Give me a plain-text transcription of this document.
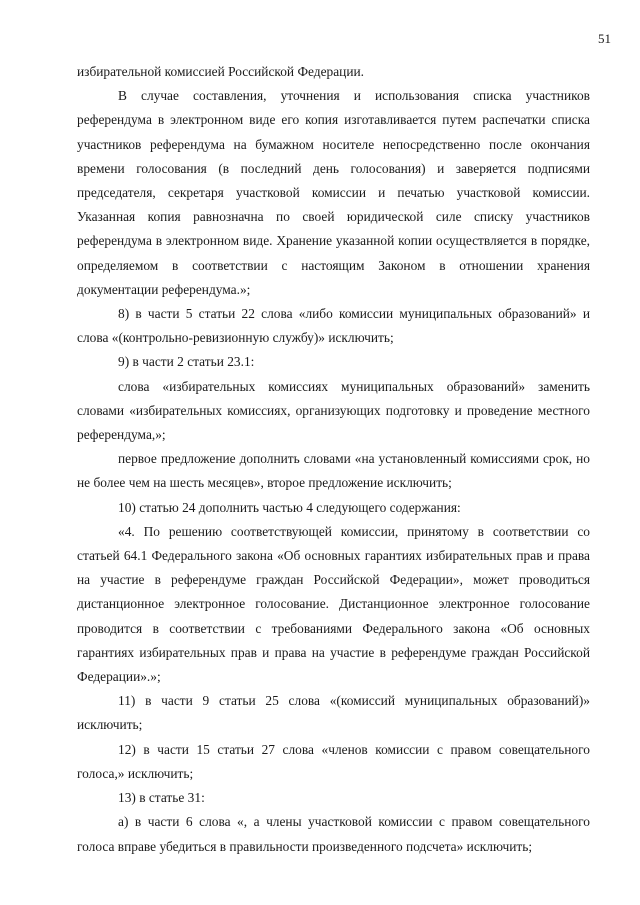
51

избирательной комиссией Российской Федерации.

В случае составления, уточнения и использования списка участников референдума в электронном виде его копия изготавливается путем распечатки списка участников референдума на бумажном носителе непосредственно после окончания времени голосования (в последний день голосования) и заверяется подписями председателя, секретаря участковой комиссии и печатью участковой комиссии. Указанная копия равнозначна по своей юридической силе списку участников референдума в электронном виде. Хранение указанной копии осуществляется в порядке, определяемом в соответствии с настоящим Законом в отношении хранения документации референдума.»;

8) в части 5 статьи 22 слова «либо комиссии муниципальных образований» и слова «(контрольно-ревизионную службу)» исключить;

9) в части 2 статьи 23.1:

слова «избирательных комиссиях муниципальных образований» заменить словами «избирательных комиссиях, организующих подготовку и проведение местного референдума,»;

первое предложение дополнить словами «на установленный комиссиями срок, но не более чем на шесть месяцев», второе предложение исключить;

10) статью 24 дополнить частью 4 следующего содержания:

«4. По решению соответствующей комиссии, принятому в соответствии со статьей 64.1 Федерального закона «Об основных гарантиях избирательных прав и права на участие в референдуме граждан Российской Федерации», может проводиться дистанционное электронное голосование. Дистанционное электронное голосование проводится в соответствии с требованиями Федерального закона «Об основных гарантиях избирательных прав и права на участие в референдуме граждан Российской Федерации».»;

11) в части 9 статьи 25 слова «(комиссий муниципальных образований)» исключить;

12) в части 15 статьи 27 слова «членов комиссии с правом совещательного голоса,» исключить;

13) в статье 31:

а) в части 6 слова «, а члены участковой комиссии с правом совещательного голоса вправе убедиться в правильности произведенного подсчета» исключить;
